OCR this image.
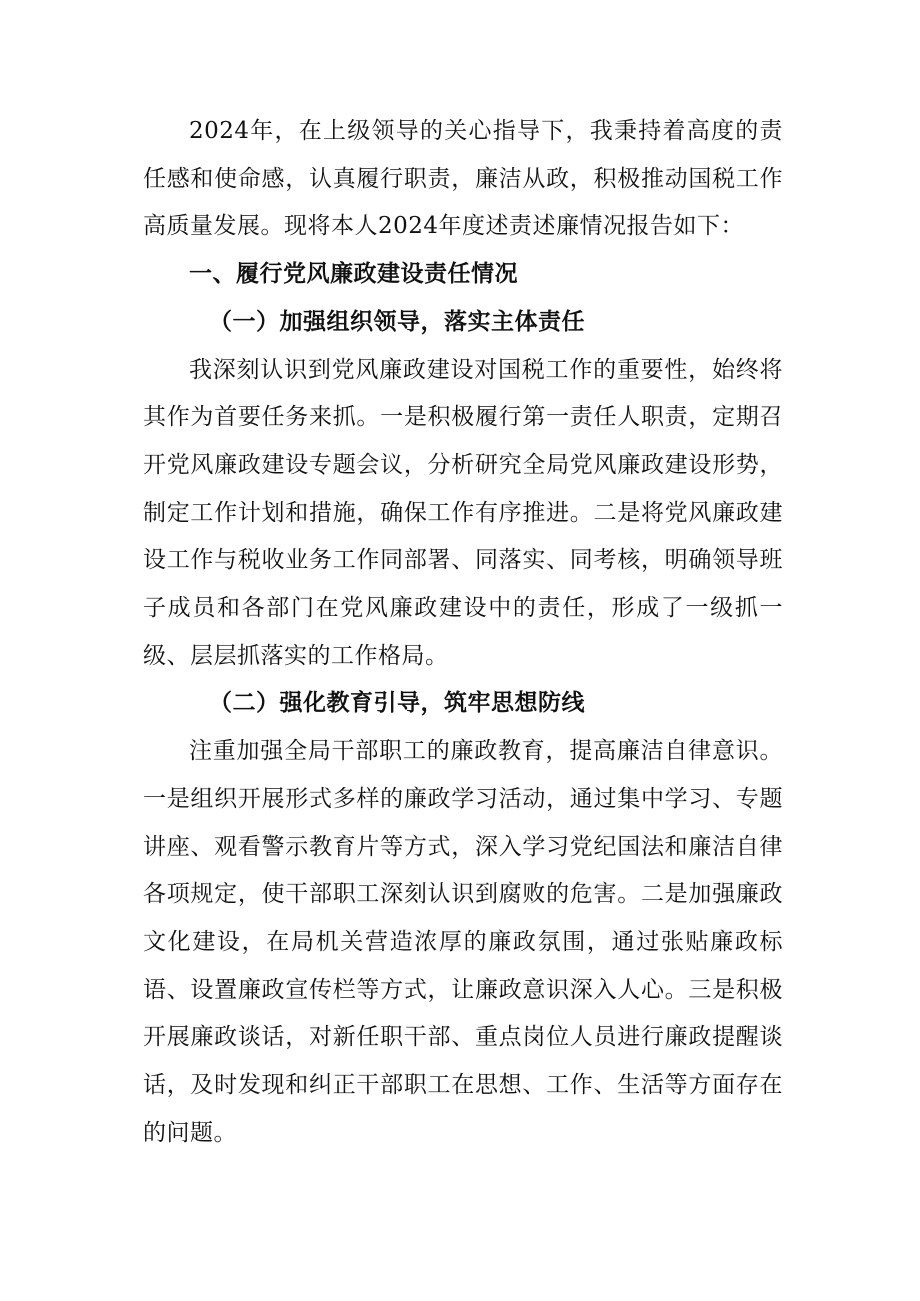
2024年，在上级领导的关心指导下，我秉持着高度的责任感和使命感，认真履行职责，廉洁从政，积极推动国税工作高质量发展。现将本人2024年度述责述廉情况报告如下：

一、履行党风廉政建设责任情况

（一）加强组织领导，落实主体责任

我深刻认识到党风廉政建设对国税工作的重要性，始终将其作为首要任务来抓。一是积极履行第一责任人职责，定期召开党风廉政建设专题会议，分析研究全局党风廉政建设形势，制定工作计划和措施，确保工作有序推进。二是将党风廉政建设工作与税收业务工作同部署、同落实、同考核，明确领导班子成员和各部门在党风廉政建设中的责任，形成了一级抓一级、层层抓落实的工作格局。

（二）强化教育引导，筑牢思想防线

注重加强全局干部职工的廉政教育，提高廉洁自律意识。一是组织开展形式多样的廉政学习活动，通过集中学习、专题讲座、观看警示教育片等方式，深入学习党纪国法和廉洁自律各项规定，使干部职工深刻认识到腐败的危害。二是加强廉政文化建设，在局机关营造浓厚的廉政氛围，通过张贴廉政标语、设置廉政宣传栏等方式，让廉政意识深入人心。三是积极开展廉政谈话，对新任职干部、重点岗位人员进行廉政提醒谈话，及时发现和纠正干部职工在思想、工作、生活等方面存在的问题。
